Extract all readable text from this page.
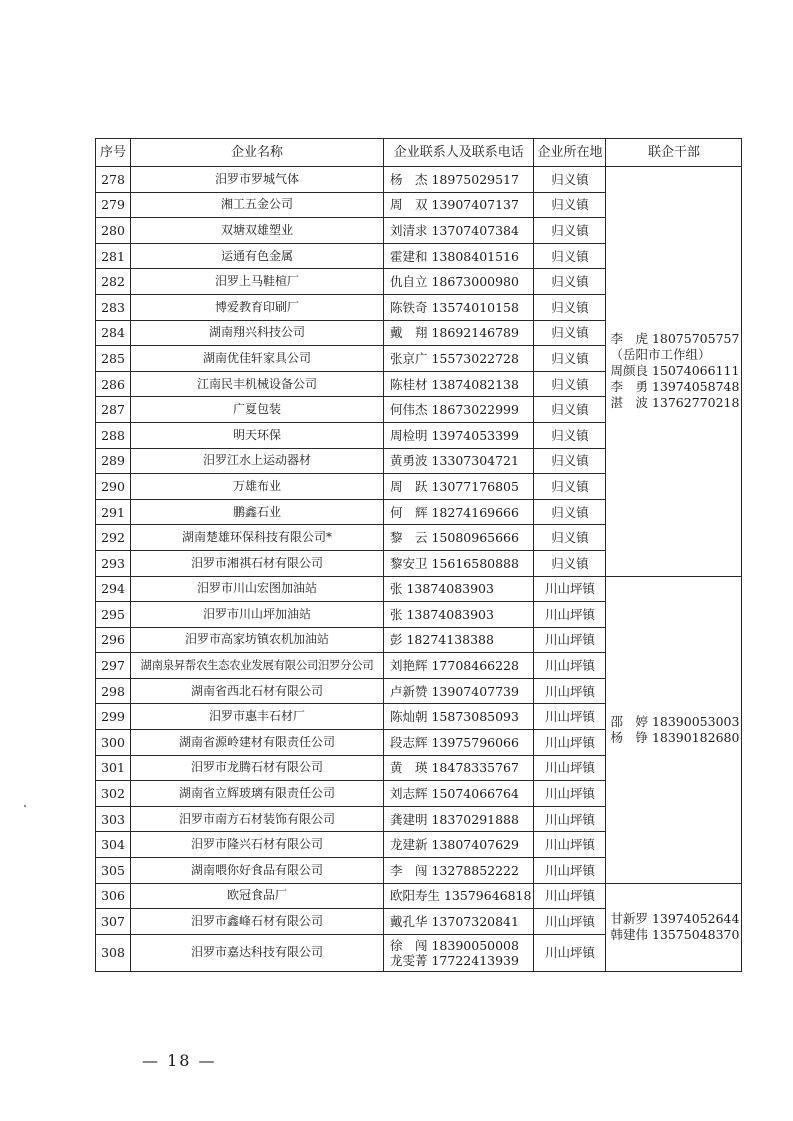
序号	企业名称	企业联系人及联系电话	企业所在地	联企干部
278	汨罗市罗城气体	杨　杰 18975029517	归义镇	李　虎 18075705757
（岳阳市工作组）
周颜良 15074066111
李　勇 13974058748
湛　波 13762770218

279	湘工五金公司	周　双 13907407137	归义镇	
280	双塘双雄塑业	刘清求 13707407384	归义镇	
281	运通有色金属	霍建和 13808401516	归义镇	
282	汨罗上马鞋楦厂	仇自立 18673000980	归义镇	
283	博爱教育印刷厂	陈铁奇 13574010158	归义镇	
284	湖南翔兴科技公司	戴　翔 18692146789	归义镇	
285	湖南优佳轩家具公司	张京广 15573022728	归义镇	
286	江南民丰机械设备公司	陈桂材 13874082138	归义镇	
287	广夏包装	何伟杰 18673022999	归义镇	
288	明天环保	周检明 13974053399	归义镇	
289	汨罗江水上运动器材	黄勇波 13307304721	归义镇	
290	万雄布业	周　跃 13077176805	归义镇	
291	鹏鑫石业	何　辉 18274169666	归义镇	
292	湖南楚雄环保科技有限公司*	黎　云 15080965666	归义镇	
293	汨罗市湘祺石材有限公司	黎安卫 15616580888	归义镇	
294	汨罗市川山宏图加油站	张 13874083903	川山坪镇	邵　婷 18390053003
杨　铮 18390182680

295	汨罗市川山坪加油站	张 13874083903	川山坪镇	
296	汨罗市高家坊镇农机加油站	彭 18274138388	川山坪镇	
297	湖南泉昇帮农生态农业发展有限公司汨罗分公司	刘艳辉 17708466228	川山坪镇	
298	湖南省西北石材有限公司	卢新赞 13907407739	川山坪镇	
299	汨罗市惠丰石材厂	陈灿朝 15873085093	川山坪镇	
300	湖南省源岭建材有限责任公司	段志辉 13975796066	川山坪镇	
301	汨罗市龙腾石材有限公司	黄　瑛 18478335767	川山坪镇	
302	湖南省立辉玻璃有限责任公司	刘志辉 15074066764	川山坪镇	
303	汨罗市南方石材装饰有限公司	龚建明 18370291888	川山坪镇	
304	汨罗市隆兴石材有限公司	龙建新 13807407629	川山坪镇	
305	湖南喂你好食品有限公司	李　闯 13278852222	川山坪镇	
306	欧冠食品厂	欧阳寿生 13579646818	川山坪镇	甘新罗 13974052644
韩建伟 13575048370

307	汨罗市鑫峰石材有限公司	戴孔华 13707320841	川山坪镇	
308	汨罗市嘉达科技有限公司	徐　闯 18390050008
龙雯菁 17722413939	川山坪镇	
— 18 —
